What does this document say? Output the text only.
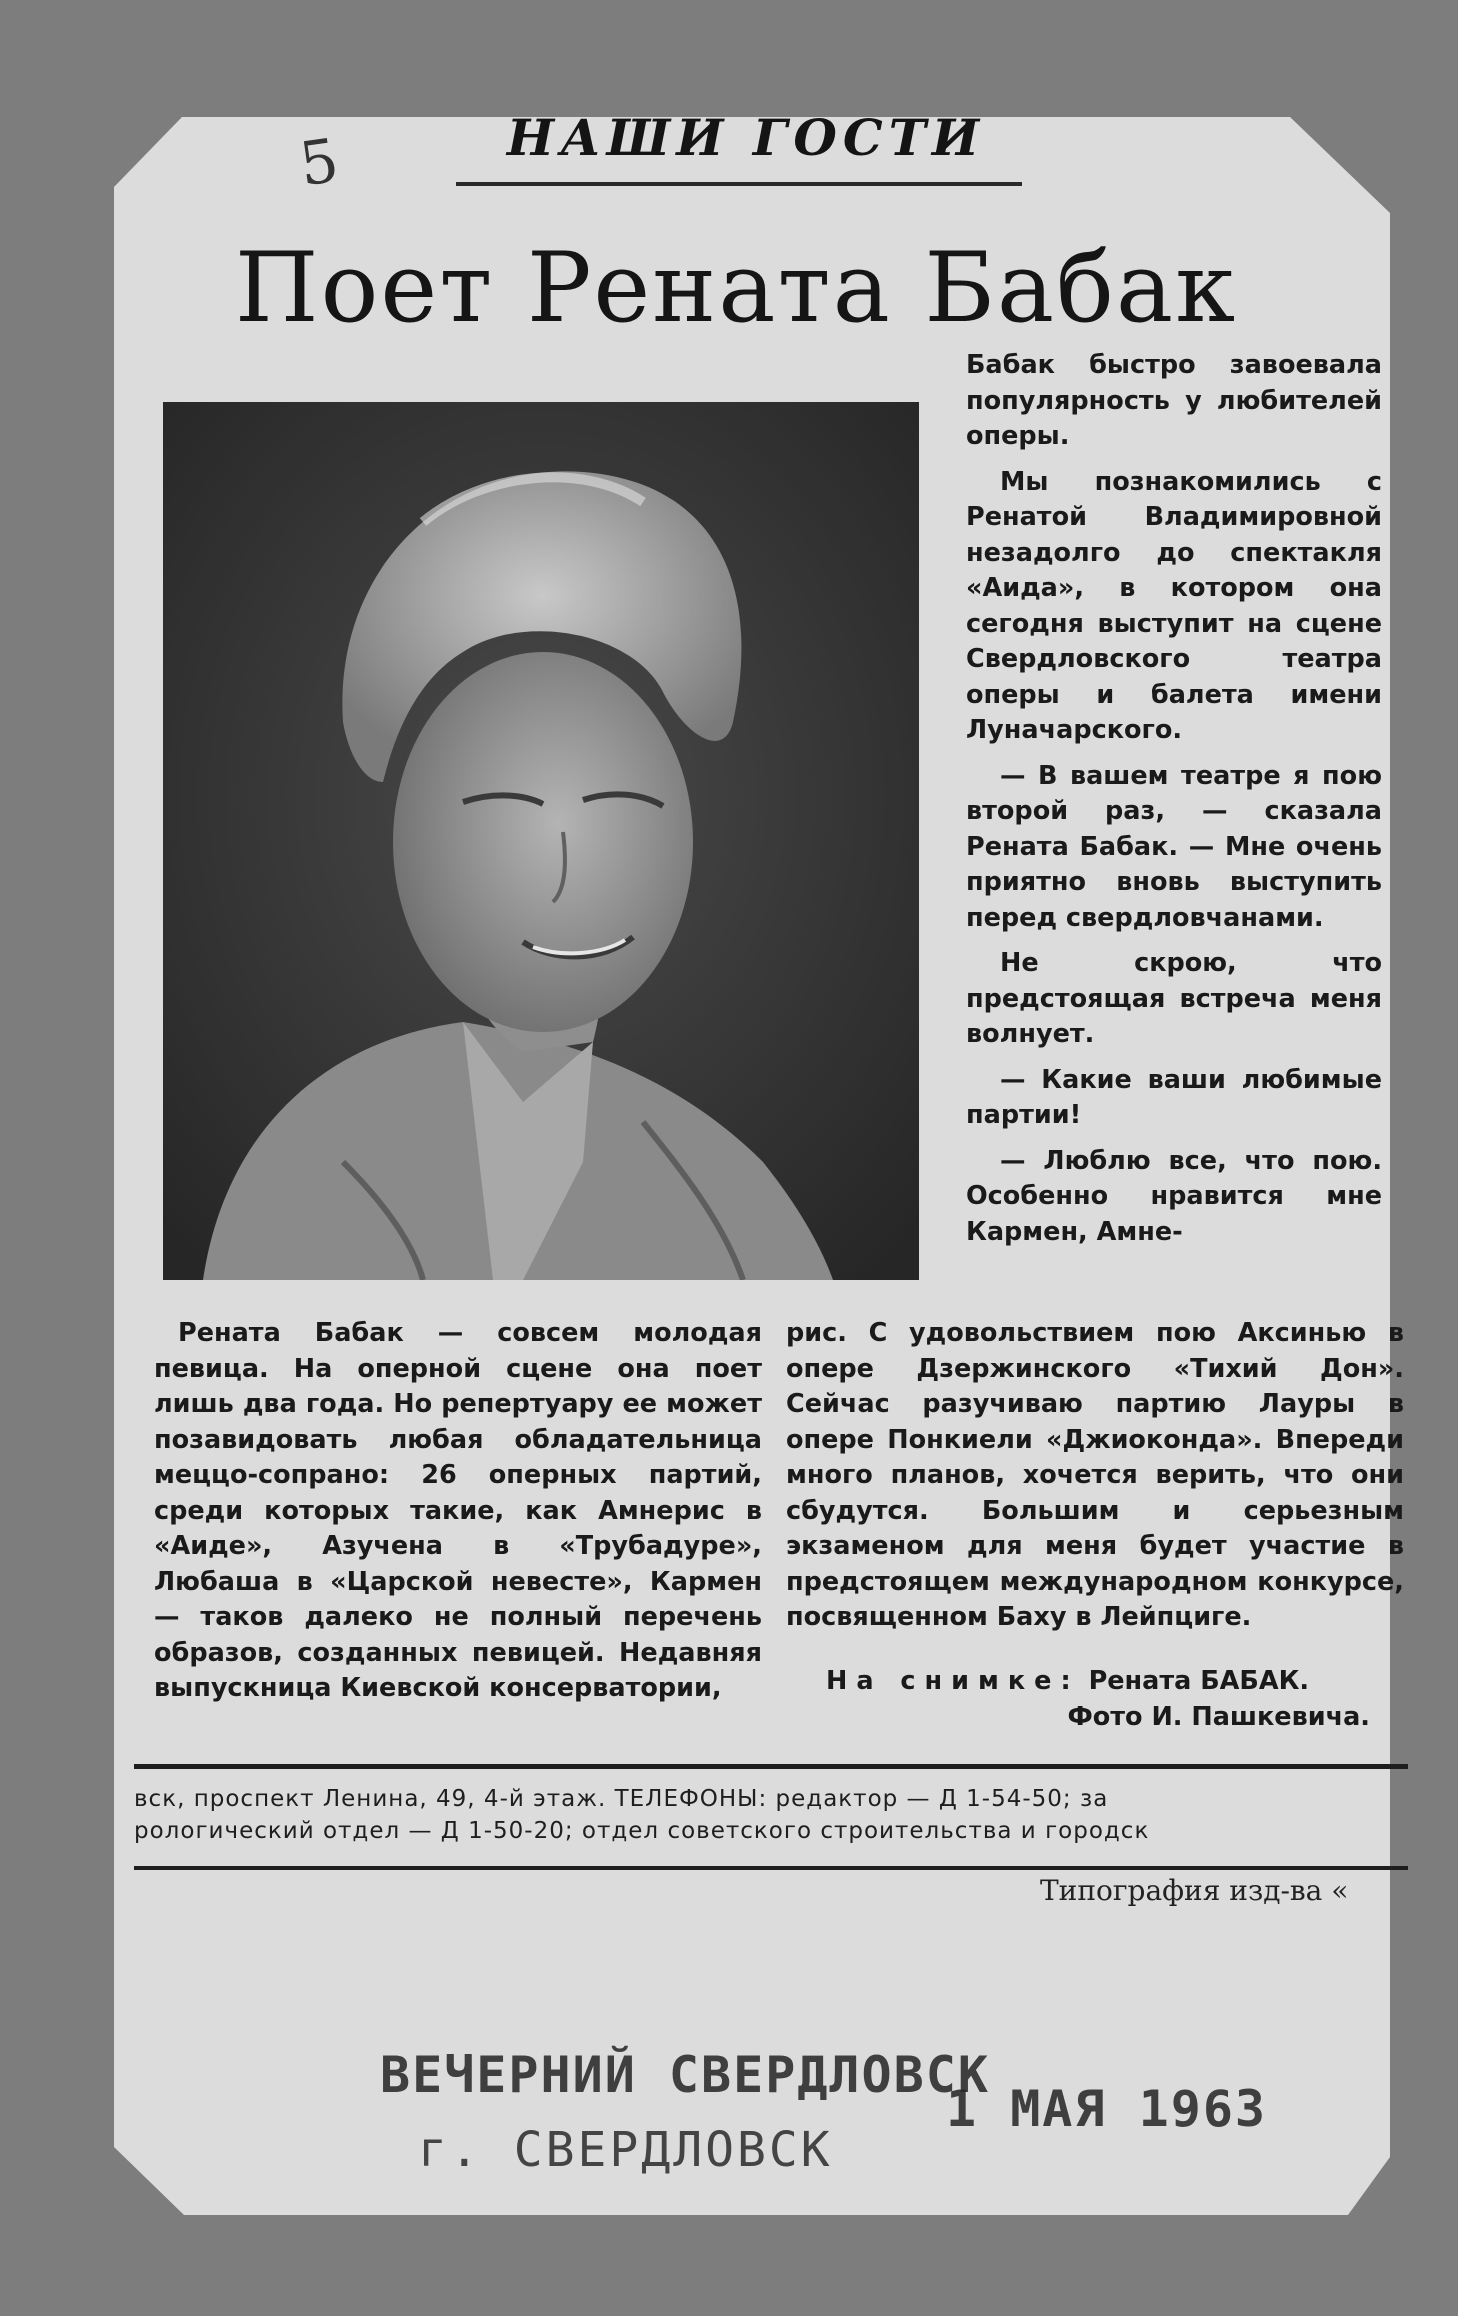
5	НАШИ ГОСТИ
Поет Рената Бабак

Бабак быстро завоевала популярность у любителей оперы.

Мы познакомились с Ренатой Владимировной незадолго до спектакля «Аида», в котором она сегодня выступит на сцене Свердловского театра оперы и балета имени Луначарского.

— В вашем театре я пою второй раз, — сказала Рената Бабак. — Мне очень приятно вновь выступить перед свердловчанами.

Не скрою, что предстоящая встреча меня волнует.

— Какие ваши любимые партии!

— Люблю все, что пою. Особенно нравится мне Кармен, Амне-

Рената Бабак — совсем молодая певица. На оперной сцене она поет лишь два года. Но репертуару ее может позавидовать любая обладательница меццо-сопрано: 26 оперных партий, среди которых такие, как Амнерис в «Аиде», Азучена в «Трубадуре», Любаша в «Царской невесте», Кармен — таков далеко не полный перечень образов, созданных певицей. Недавняя выпускница Киевской консерватории,

рис. С удовольствием пою Аксинью в опере Дзержинского «Тихий Дон». Сейчас разучиваю партию Лауры в опере Понкиели «Джиоконда». Впереди много планов, хочется верить, что они сбудутся. Большим и серьезным экзаменом для меня будет участие в предстоящем международном конкурсе, посвященном Баху в Лейпциге.

На снимке: Рената БАБАК.
Фото И. Пашкевича.
вск, проспект Ленина, 49, 4-й этаж. ТЕЛЕФОНЫ: редактор — Д 1-54-50; за
рологический отдел — Д 1-50-20; отдел советского строительства и городск
Типография изд-ва «
ВЕЧЕРНИЙ СВЕРДЛОВСК
г. СВЕРДЛОВСК
1 МАЯ 1963
